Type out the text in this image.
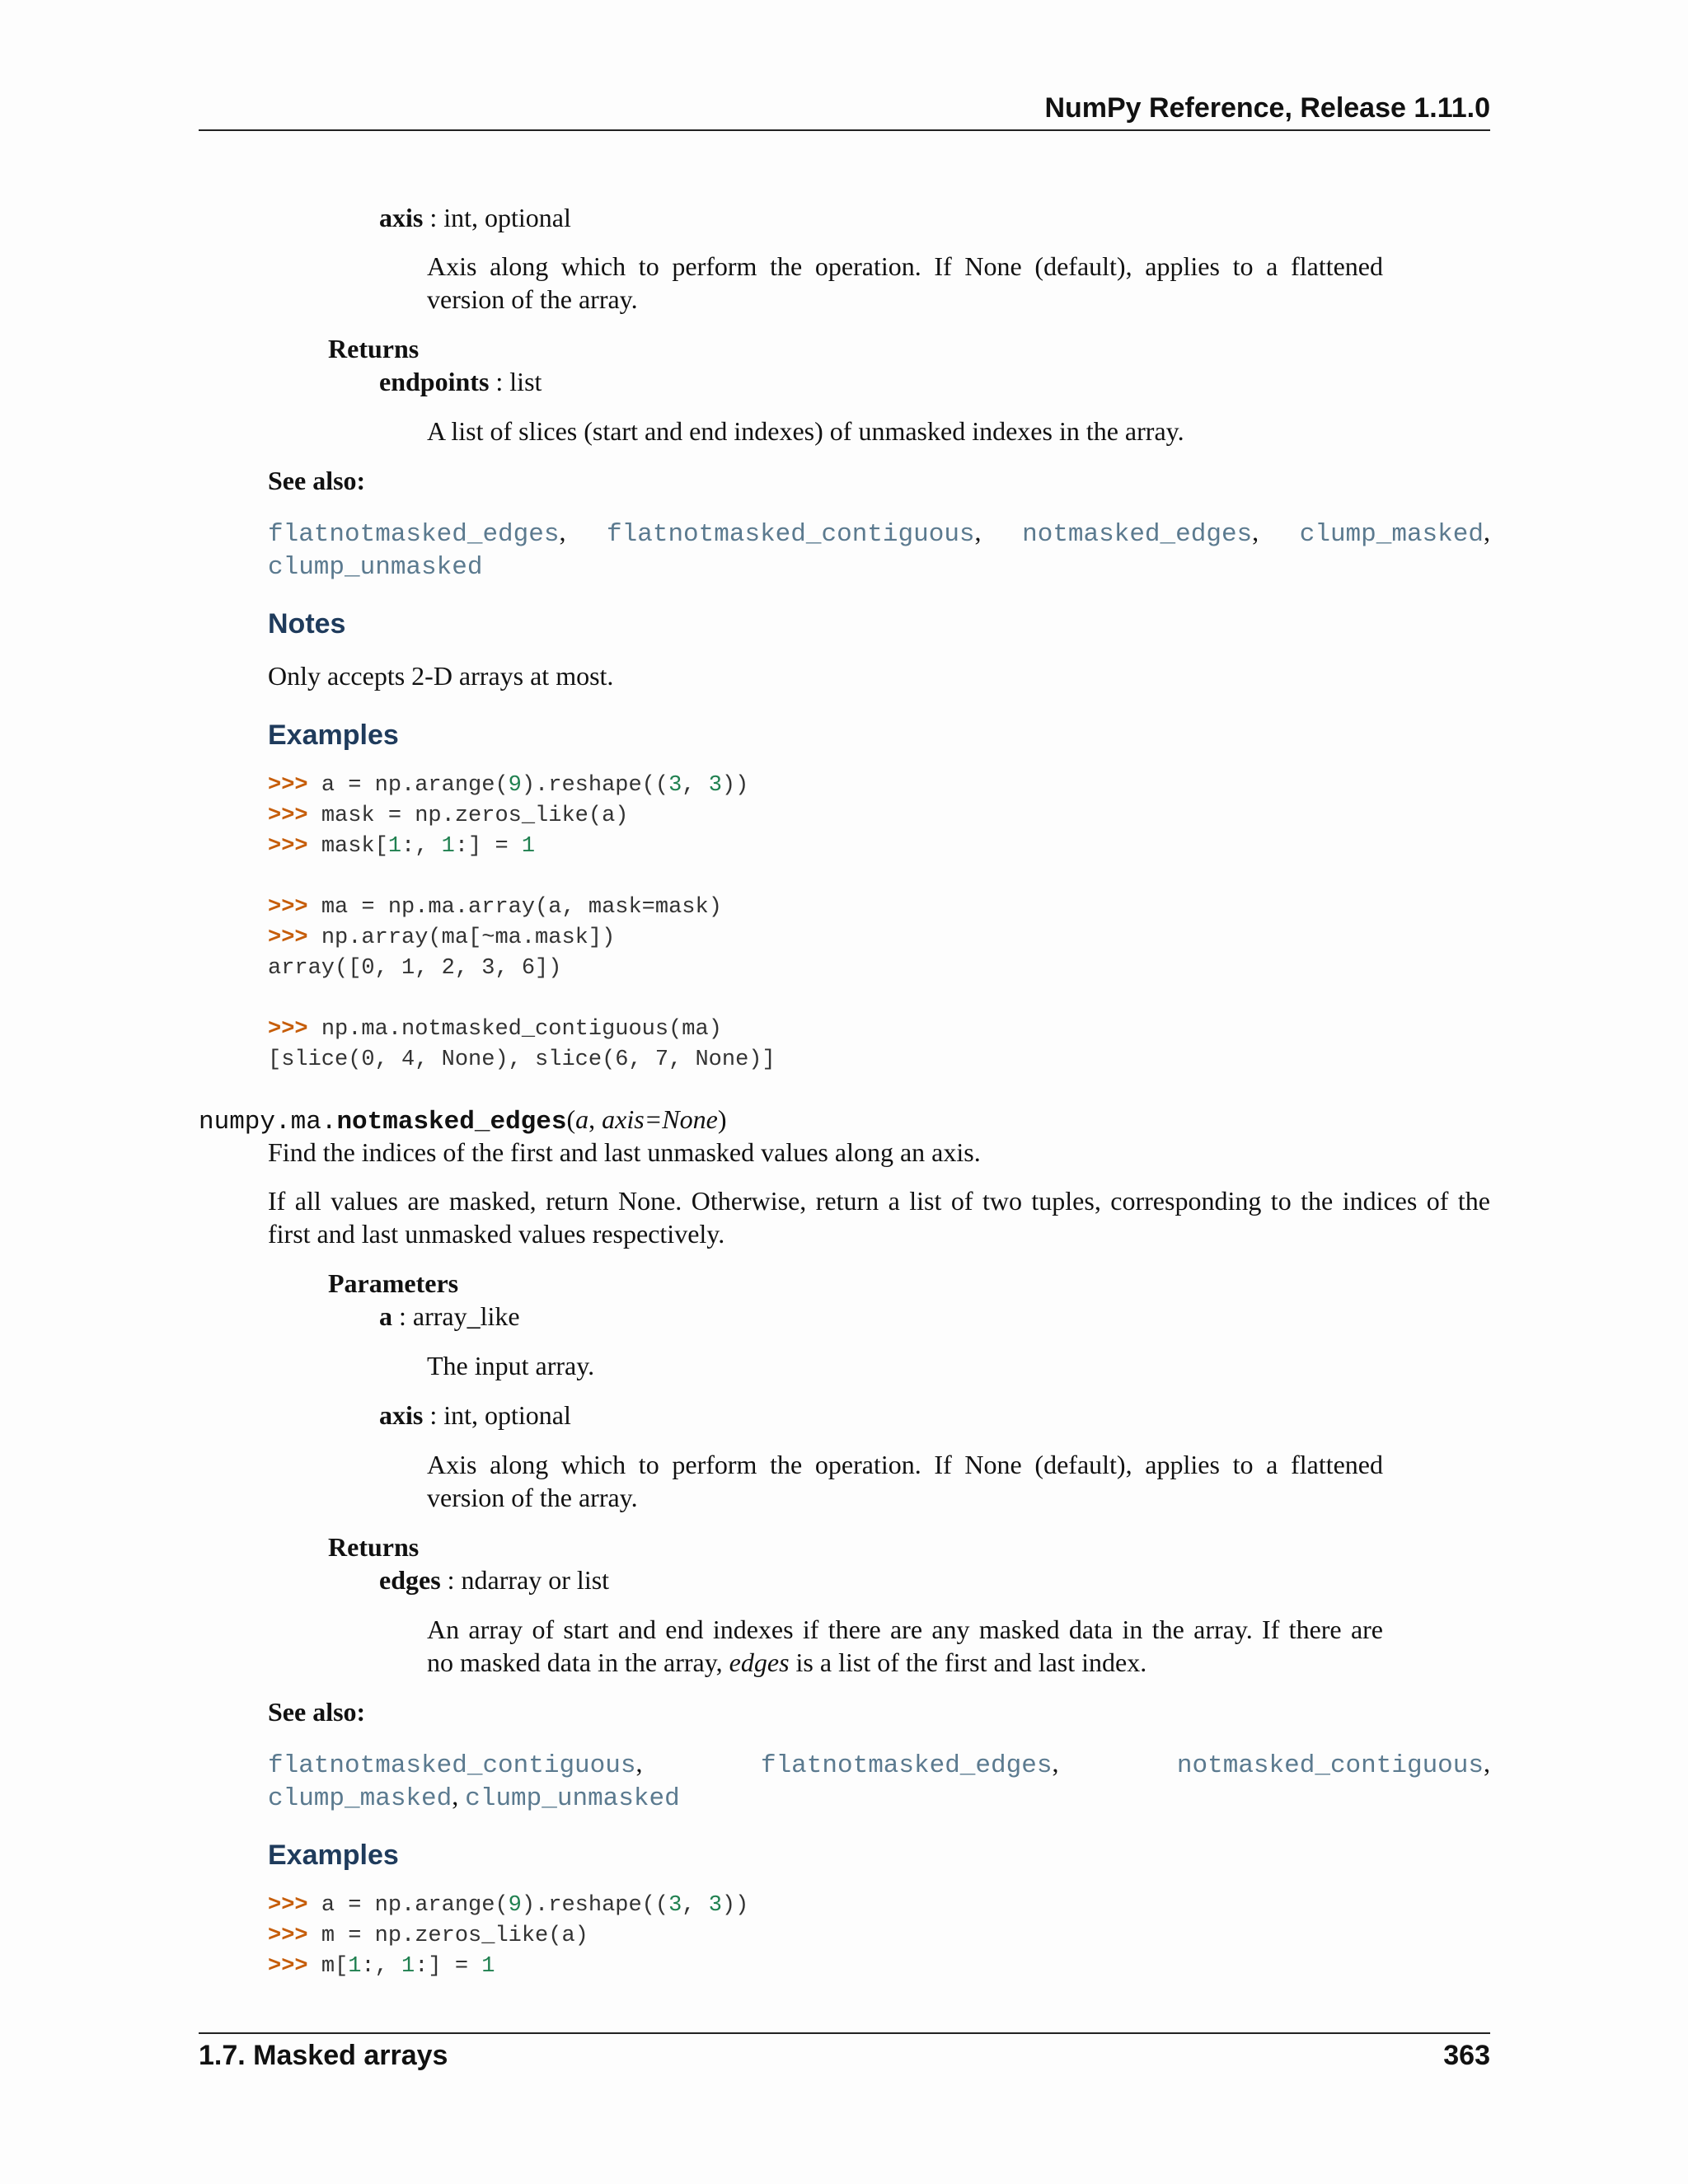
NumPy Reference, Release 1.11.0
axis : int, optional
Axis along which to perform the operation. If None (default), applies to a flattened
version of the array.
Returns
endpoints : list
A list of slices (start and end indexes) of unmasked indexes in the array.
See also:
flatnotmasked_edges, flatnotmasked_contiguous, notmasked_edges, clump_masked,
clump_unmasked
Notes
Only accepts 2-D arrays at most.
Examples
>>> a = np.arange(9).reshape((3, 3))
>>> mask = np.zeros_like(a)
>>> mask[1:, 1:] = 1
>>> ma = np.ma.array(a, mask=mask)
>>> np.array(ma[~ma.mask])
array([0, 1, 2, 3, 6])
>>> np.ma.notmasked_contiguous(ma)
[slice(0, 4, None), slice(6, 7, None)]
numpy.ma.notmasked_edges(a, axis=None)
Find the indices of the first and last unmasked values along an axis.
If all values are masked, return None. Otherwise, return a list of two tuples, corresponding to the indices of the
first and last unmasked values respectively.
Parameters
a : array_like
The input array.
axis : int, optional
Axis along which to perform the operation. If None (default), applies to a flattened
version of the array.
Returns
edges : ndarray or list
An array of start and end indexes if there are any masked data in the array. If there are
no masked data in the array, edges is a list of the first and last index.
See also:
flatnotmasked_contiguous,	flatnotmasked_edges,	notmasked_contiguous,
clump_masked, clump_unmasked
Examples
>>> a = np.arange(9).reshape((3, 3))
>>> m = np.zeros_like(a)
>>> m[1:, 1:] = 1
1.7. Masked arrays	363
